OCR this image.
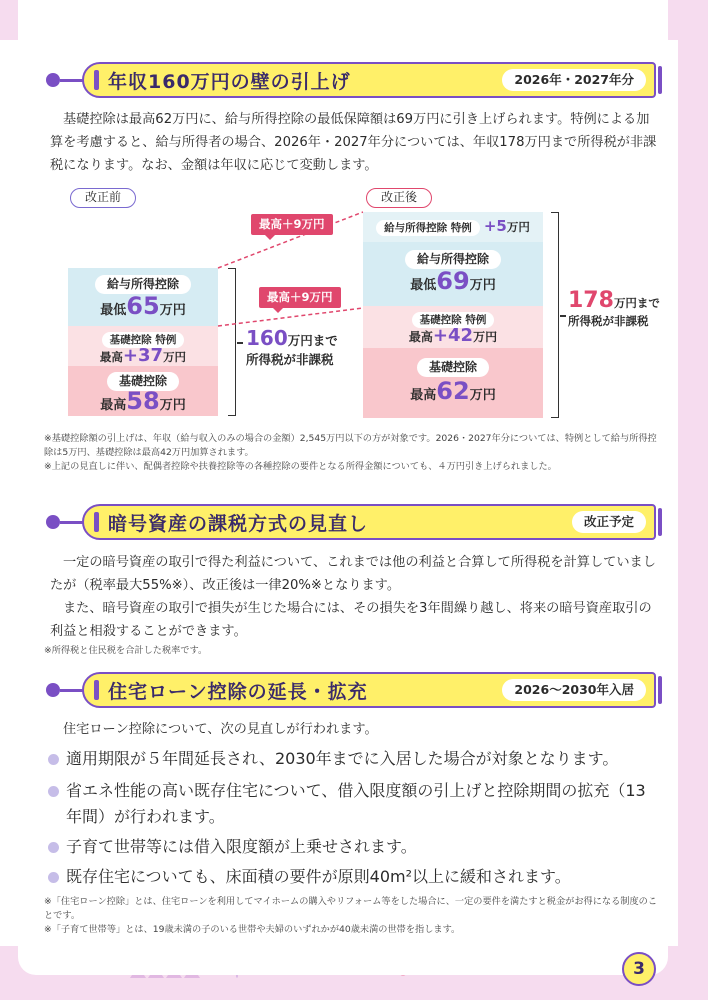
年収160万円の壁の引上げ	2026年・2027年分

基礎控除は最高62万円に、給与所得控除の最低保障額は69万円に引き上げられます。特例による加算を考慮すると、給与所得者の場合、2026年・2027年分については、年収178万円まで所得税が非課税になります。なお、金額は年収に応じて変動します。

改正前	改正後
給与所得控除
最低65万円
基礎控除 特例
最高+37万円
基礎控除
最高58万円
160万円まで
所得税が非課税
最高＋9万円
最高＋9万円
給与所得控除 特例 +5万円
給与所得控除
最低69万円
基礎控除 特例
最高+42万円
基礎控除
最高62万円
178万円まで
所得税が非課税
※基礎控除額の引上げは、年収（給与収入のみの場合の金額）2,545万円以下の方が対象です。2026・2027年分については、特例として給与所得控除は5万円、基礎控除は最高42万円加算されます。
※上記の見直しに伴い、配偶者控除や扶養控除等の各種控除の要件となる所得金額についても、４万円引き上げられました。
暗号資産の課税方式の見直し	改正予定

一定の暗号資産の取引で得た利益について、これまでは他の利益と合算して所得税を計算していましたが（税率最大55%※）、改正後は一律20%※となります。

また、暗号資産の取引で損失が生じた場合には、その損失を3年間繰り越し、将来の暗号資産取引の利益と相殺することができます。

※所得税と住民税を合計した税率です。
住宅ローン控除の延長・拡充	2026～2030年入居

住宅ローン控除について、次の見直しが行われます。

適用期限が５年間延長され、2030年までに入居した場合が対象となります。
省エネ性能の高い既存住宅について、借入限度額の引上げと控除期間の拡充（13年間）が行われます。
子育て世帯等には借入限度額が上乗せされます。
既存住宅についても、床面積の要件が原則40m²以上に緩和されます。
※「住宅ローン控除」とは、住宅ローンを利用してマイホームの購入やリフォーム等をした場合に、一定の要件を満たすと税金がお得になる制度のことです。
※「子育て世帯等」とは、19歳未満の子のいる世帯や夫婦のいずれかが40歳未満の世帯を指します。
3
